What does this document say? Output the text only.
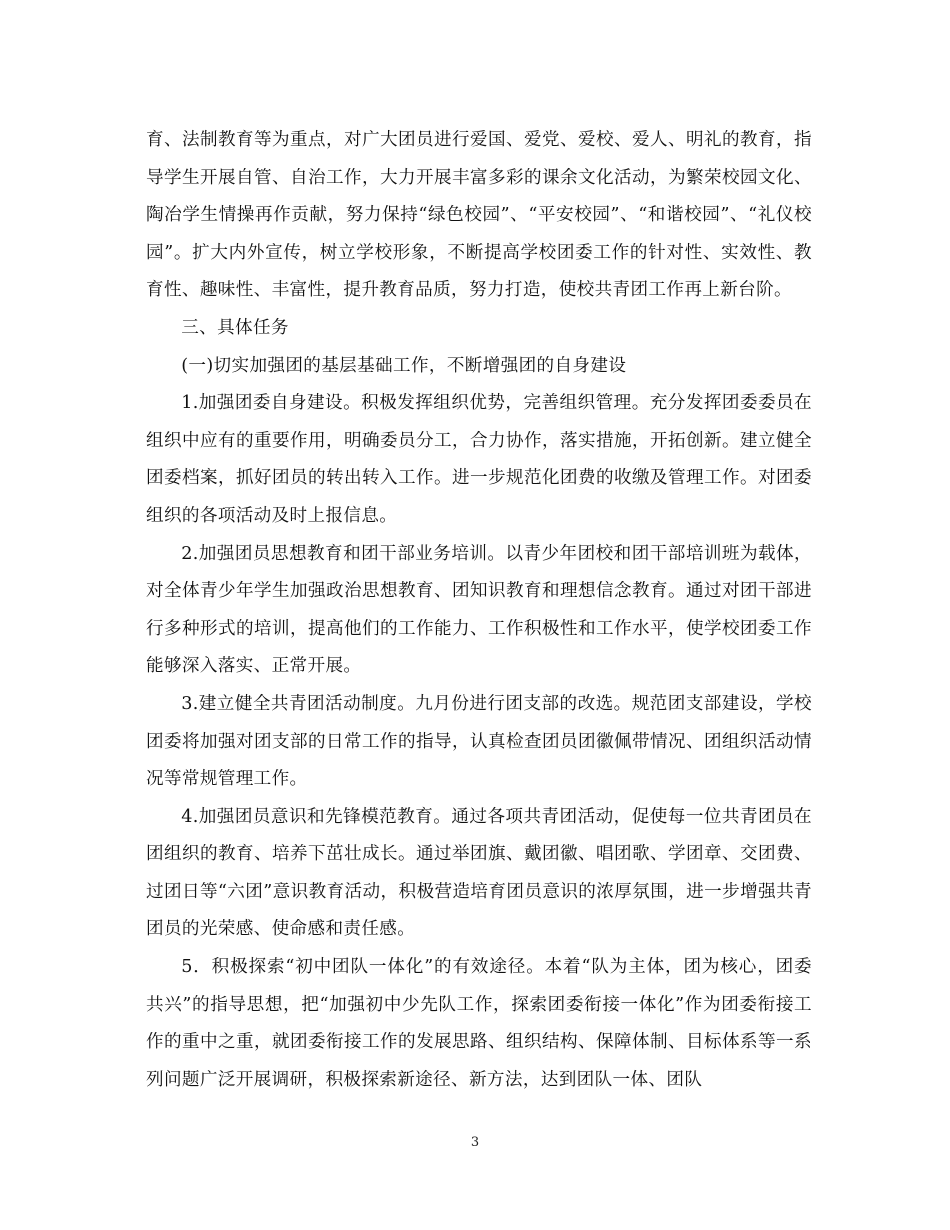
育、法制教育等为重点，对广大团员进行爱国、爱党、爱校、爱人、明礼的教育，指导学生开展自管、自治工作，大力开展丰富多彩的课余文化活动，为繁荣校园文化、陶冶学生情操再作贡献，努力保持“绿色校园”、“平安校园”、“和谐校园”、“礼仪校园”。扩大内外宣传，树立学校形象，不断提高学校团委工作的针对性、实效性、教育性、趣味性、丰富性，提升教育品质，努力打造，使校共青团工作再上新台阶。

三、具体任务

(一)切实加强团的基层基础工作，不断增强团的自身建设

1.加强团委自身建设。积极发挥组织优势，完善组织管理。充分发挥团委委员在组织中应有的重要作用，明确委员分工，合力协作，落实措施，开拓创新。建立健全团委档案，抓好团员的转出转入工作。进一步规范化团费的收缴及管理工作。对团委组织的各项活动及时上报信息。

2.加强团员思想教育和团干部业务培训。以青少年团校和团干部培训班为载体，对全体青少年学生加强政治思想教育、团知识教育和理想信念教育。通过对团干部进行多种形式的培训，提高他们的工作能力、工作积极性和工作水平，使学校团委工作能够深入落实、正常开展。

3.建立健全共青团活动制度。九月份进行团支部的改选。规范团支部建设，学校团委将加强对团支部的日常工作的指导，认真检查团员团徽佩带情况、团组织活动情况等常规管理工作。

4.加强团员意识和先锋模范教育。通过各项共青团活动，促使每一位共青团员在团组织的教育、培养下茁壮成长。通过举团旗、戴团徽、唱团歌、学团章、交团费、过团日等“六团”意识教育活动，积极营造培育团员意识的浓厚氛围，进一步增强共青团员的光荣感、使命感和责任感。

5．积极探索“初中团队一体化”的有效途径。本着“队为主体，团为核心，团委共兴”的指导思想，把“加强初中少先队工作，探索团委衔接一体化”作为团委衔接工作的重中之重，就团委衔接工作的发展思路、组织结构、保障体制、目标体系等一系列问题广泛开展调研，积极探索新途径、新方法，达到团队一体、团队

3
